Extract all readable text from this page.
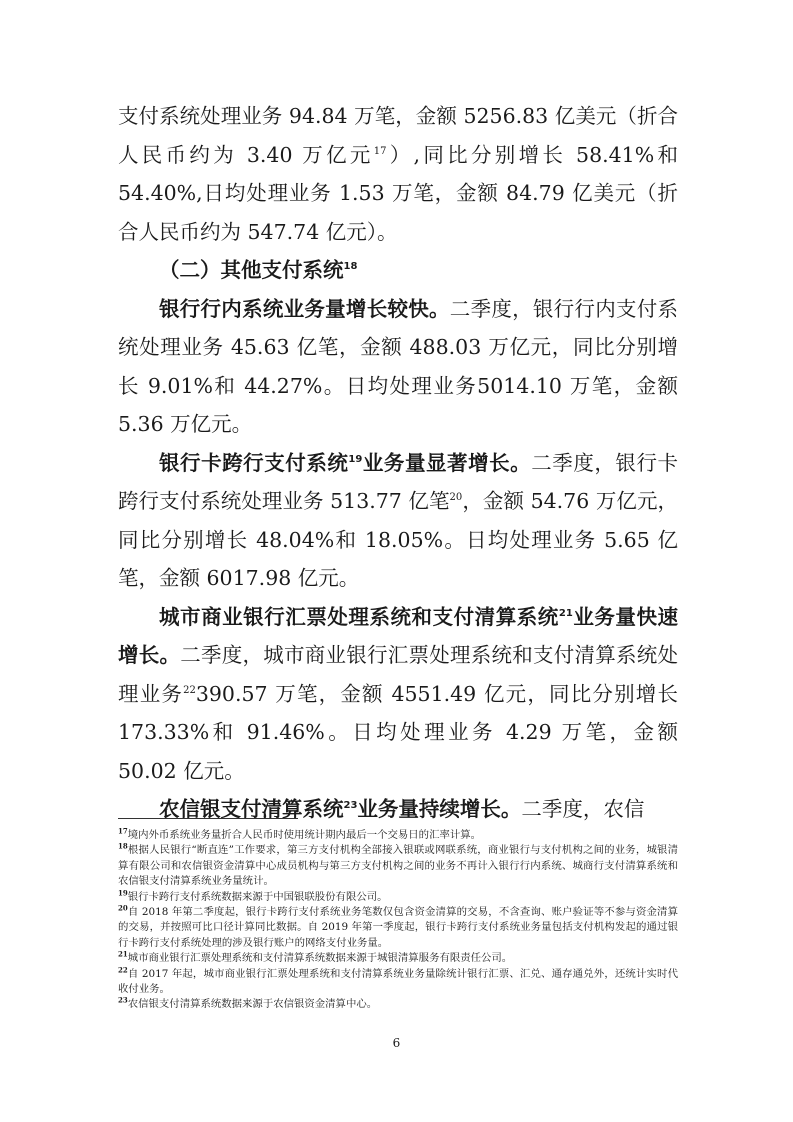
支付系统处理业务 94.84 万笔，金额 5256.83 亿美元（折合人民币约为 3.40 万亿元$^{17}$）,同比分别增长 58.41%和 54.40%,日均处理业务 1.53 万笔，金额 84.79 亿美元（折合人民币约为 547.74 亿元）。

（二）其他支付系统$^{18}$

银行行内系统业务量增长较快。二季度，银行行内支付系统处理业务 45.63 亿笔，金额 488.03 万亿元，同比分别增长 9.01%和 44.27%。日均处理业务5014.10 万笔，金额 5.36 万亿元。

银行卡跨行支付系统$^{19}$业务量显著增长。二季度，银行卡跨行支付系统处理业务 513.77 亿笔$^{20}$，金额 54.76 万亿元，同比分别增长 48.04%和 18.05%。日均处理业务 5.65 亿笔，金额 6017.98 亿元。

城市商业银行汇票处理系统和支付清算系统$^{21}$业务量快速增长。二季度，城市商业银行汇票处理系统和支付清算系统处理业务$^{22}$390.57 万笔，金额 4551.49 亿元，同比分别增长 173.33%和 91.46%。日均处理业务 4.29 万笔，金额 50.02 亿元。

农信银支付清算系统$^{23}$业务量持续增长。二季度，农信

$^{17}$境内外币系统业务量折合人民币时使用统计期内最后一个交易日的汇率计算。

$^{18}$根据人民银行“断直连”工作要求，第三方支付机构全部接入银联或网联系统，商业银行与支付机构之间的业务，城银清算有限公司和农信银资金清算中心成员机构与第三方支付机构之间的业务不再计入银行行内系统、城商行支付清算系统和农信银支付清算系统业务量统计。

$^{19}$银行卡跨行支付系统数据来源于中国银联股份有限公司。

$^{20}$自 2018 年第二季度起，银行卡跨行支付系统业务笔数仅包含资金清算的交易，不含查询、账户验证等不参与资金清算的交易，并按照可比口径计算同比数据。自 2019 年第一季度起，银行卡跨行支付系统业务量包括支付机构发起的通过银行卡跨行支付系统处理的涉及银行账户的网络支付业务量。

$^{21}$城市商业银行汇票处理系统和支付清算系统数据来源于城银清算服务有限责任公司。

$^{22}$自 2017 年起，城市商业银行汇票处理系统和支付清算系统业务量除统计银行汇票、汇兑、通存通兑外，还统计实时代收付业务。

$^{23}$农信银支付清算系统数据来源于农信银资金清算中心。

6
